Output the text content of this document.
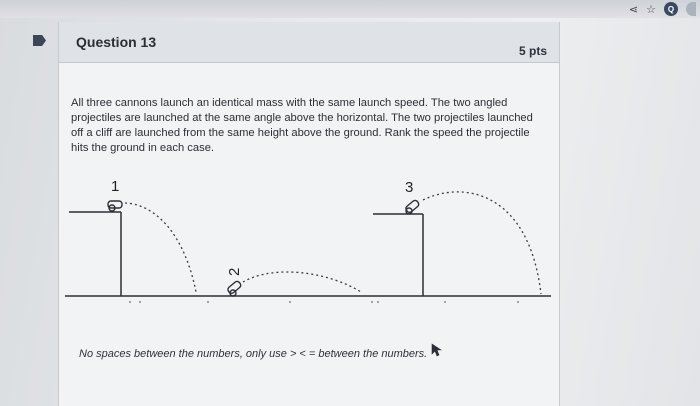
⋖ ☆	Q
Question 13
5 pts

All three cannons launch an identical mass with the same launch speed. The two angled projectiles are launched at the same angle above the horizontal. The two projectiles launched off a cliff are launched from the same height above the ground. Rank the speed the projectile hits the ground in each case.

1
2
3
No spaces between the numbers, only use > < = between the numbers.
